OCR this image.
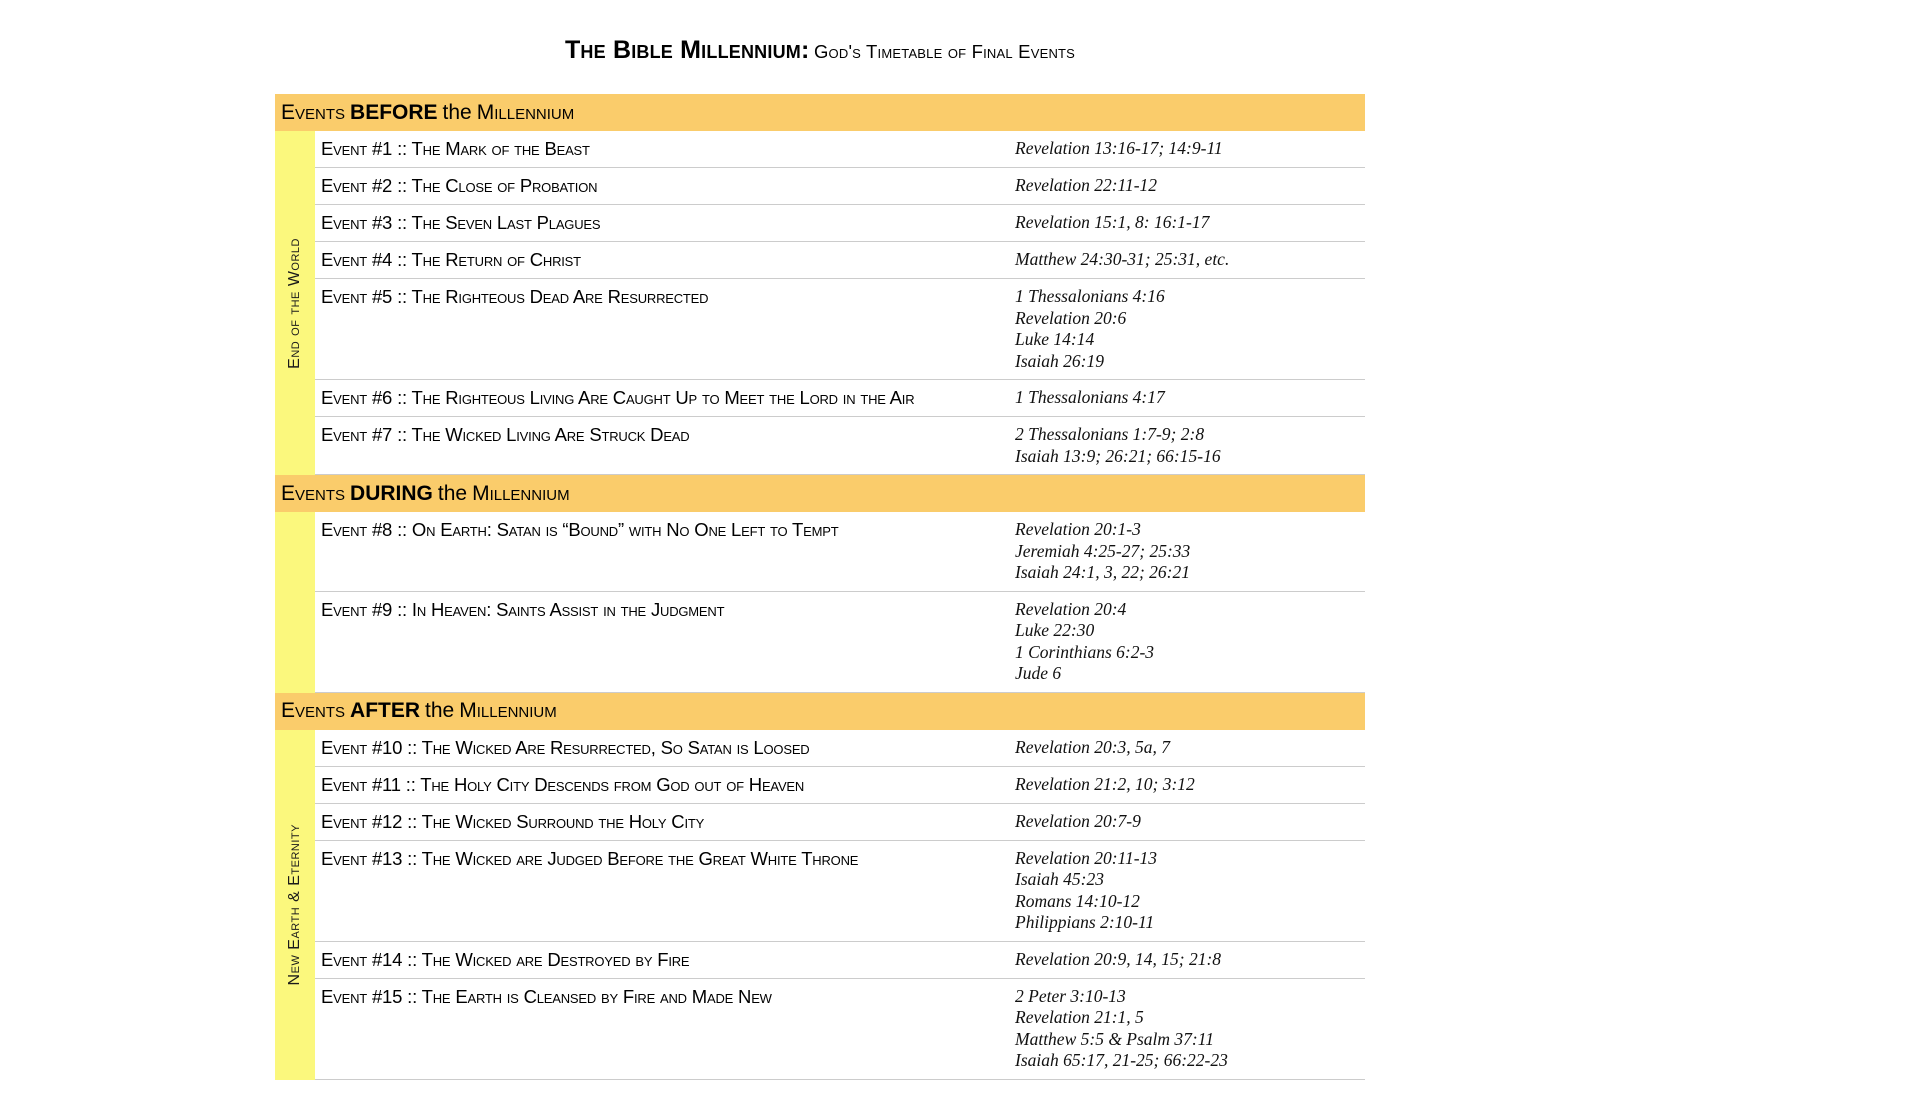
The Bible Millennium: God's Timetable of Final Events
Events BEFORE the Millennium
End of the World
Event #1 :: The Mark of the Beast	Revelation 13:16-17; 14:9-11
Event #2 :: The Close of Probation	Revelation 22:11-12
Event #3 :: The Seven Last Plagues	Revelation 15:1, 8: 16:1-17
Event #4 :: The Return of Christ	Matthew 24:30-31; 25:31, etc.
Event #5 :: The Righteous Dead Are Resurrected	1 Thessalonians 4:16
Revelation 20:6
Luke 14:14
Isaiah 26:19
Event #6 :: The Righteous Living Are Caught Up to Meet the Lord in the Air	1 Thessalonians 4:17
Event #7 :: The Wicked Living Are Struck Dead	2 Thessalonians 1:7-9; 2:8
Isaiah 13:9; 26:21; 66:15-16
Events DURING the Millennium
Event #8 :: On Earth: Satan is “Bound” with No One Left to Tempt	Revelation 20:1-3
Jeremiah 4:25-27; 25:33
Isaiah 24:1, 3, 22; 26:21
Event #9 :: In Heaven: Saints Assist in the Judgment	Revelation 20:4
Luke 22:30
1 Corinthians 6:2-3
Jude 6
Events AFTER the Millennium
New Earth & Eternity
Event #10 :: The Wicked Are Resurrected, So Satan is Loosed	Revelation 20:3, 5a, 7
Event #11 :: The Holy City Descends from God out of Heaven	Revelation 21:2, 10; 3:12
Event #12 :: The Wicked Surround the Holy City	Revelation 20:7-9
Event #13 :: The Wicked are Judged Before the Great White Throne	Revelation 20:11-13
Isaiah 45:23
Romans 14:10-12
Philippians 2:10-11
Event #14 :: The Wicked are Destroyed by Fire	Revelation 20:9, 14, 15; 21:8
Event #15 :: The Earth is Cleansed by Fire and Made New	2 Peter 3:10-13
Revelation 21:1, 5
Matthew 5:5 & Psalm 37:11
Isaiah 65:17, 21-25; 66:22-23
